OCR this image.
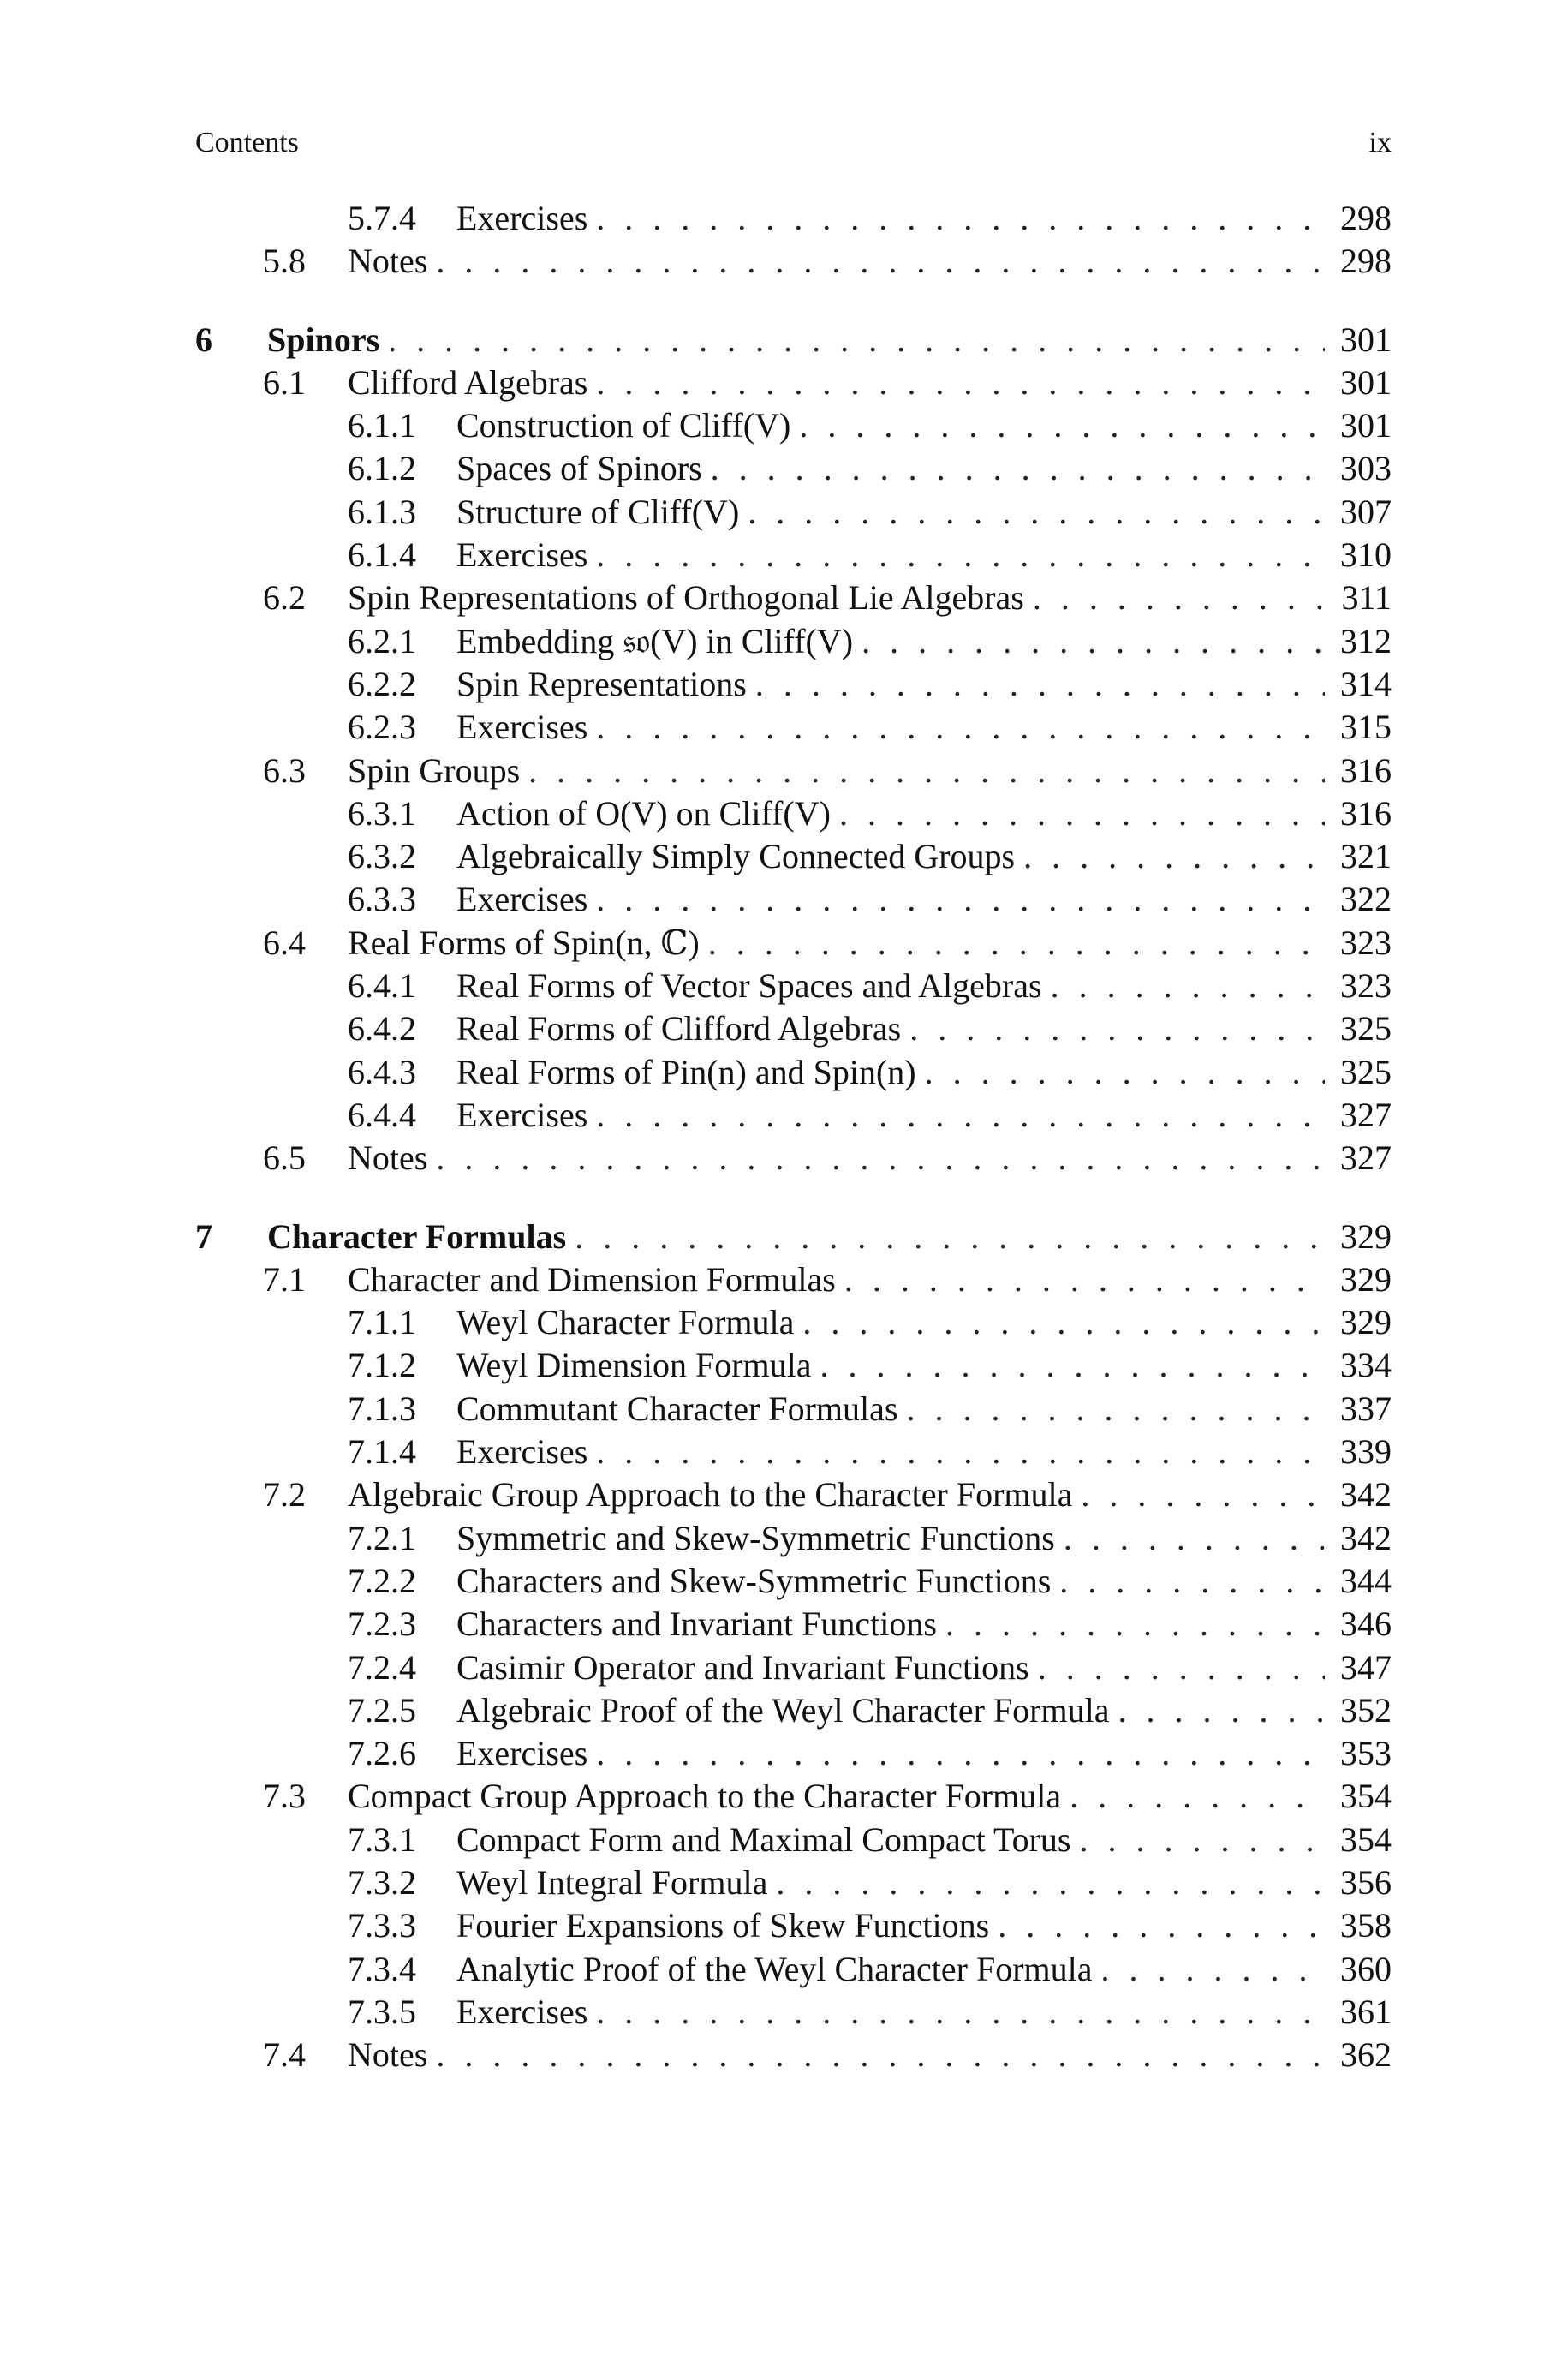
Contents	ix
5.7.4 Exercises . . .	298
5.8 Notes . . .	298
6 Spinors . . .	301
6.1 Clifford Algebras . . .	301
6.1.1 Construction of Cliff(V) . . .	301
6.1.2 Spaces of Spinors . . .	303
6.1.3 Structure of Cliff(V) . . .	307
6.1.4 Exercises . . .	310
6.2 Spin Representations of Orthogonal Lie Algebras . . .	311
6.2.1 Embedding 𝔰𝔬(V) in Cliff(V) . . .	312
6.2.2 Spin Representations . . .	314
6.2.3 Exercises . . .	315
6.3 Spin Groups . . .	316
6.3.1 Action of O(V) on Cliff(V) . . .	316
6.3.2 Algebraically Simply Connected Groups . . .	321
6.3.3 Exercises . . .	322
6.4 Real Forms of Spin(n, ℂ) . . .	323
6.4.1 Real Forms of Vector Spaces and Algebras . . .	323
6.4.2 Real Forms of Clifford Algebras . . .	325
6.4.3 Real Forms of Pin(n) and Spin(n) . . .	325
6.4.4 Exercises . . .	327
6.5 Notes . . .	327
7 Character Formulas . . .	329
7.1 Character and Dimension Formulas . . .	329
7.1.1 Weyl Character Formula . . .	329
7.1.2 Weyl Dimension Formula . . .	334
7.1.3 Commutant Character Formulas . . .	337
7.1.4 Exercises . . .	339
7.2 Algebraic Group Approach to the Character Formula . . .	342
7.2.1 Symmetric and Skew-Symmetric Functions . . .	342
7.2.2 Characters and Skew-Symmetric Functions . . .	344
7.2.3 Characters and Invariant Functions . . .	346
7.2.4 Casimir Operator and Invariant Functions . . .	347
7.2.5 Algebraic Proof of the Weyl Character Formula . . .	352
7.2.6 Exercises . . .	353
7.3 Compact Group Approach to the Character Formula . . .	354
7.3.1 Compact Form and Maximal Compact Torus . . .	354
7.3.2 Weyl Integral Formula . . .	356
7.3.3 Fourier Expansions of Skew Functions . . .	358
7.3.4 Analytic Proof of the Weyl Character Formula . . .	360
7.3.5 Exercises . . .	361
7.4 Notes . . .	362
